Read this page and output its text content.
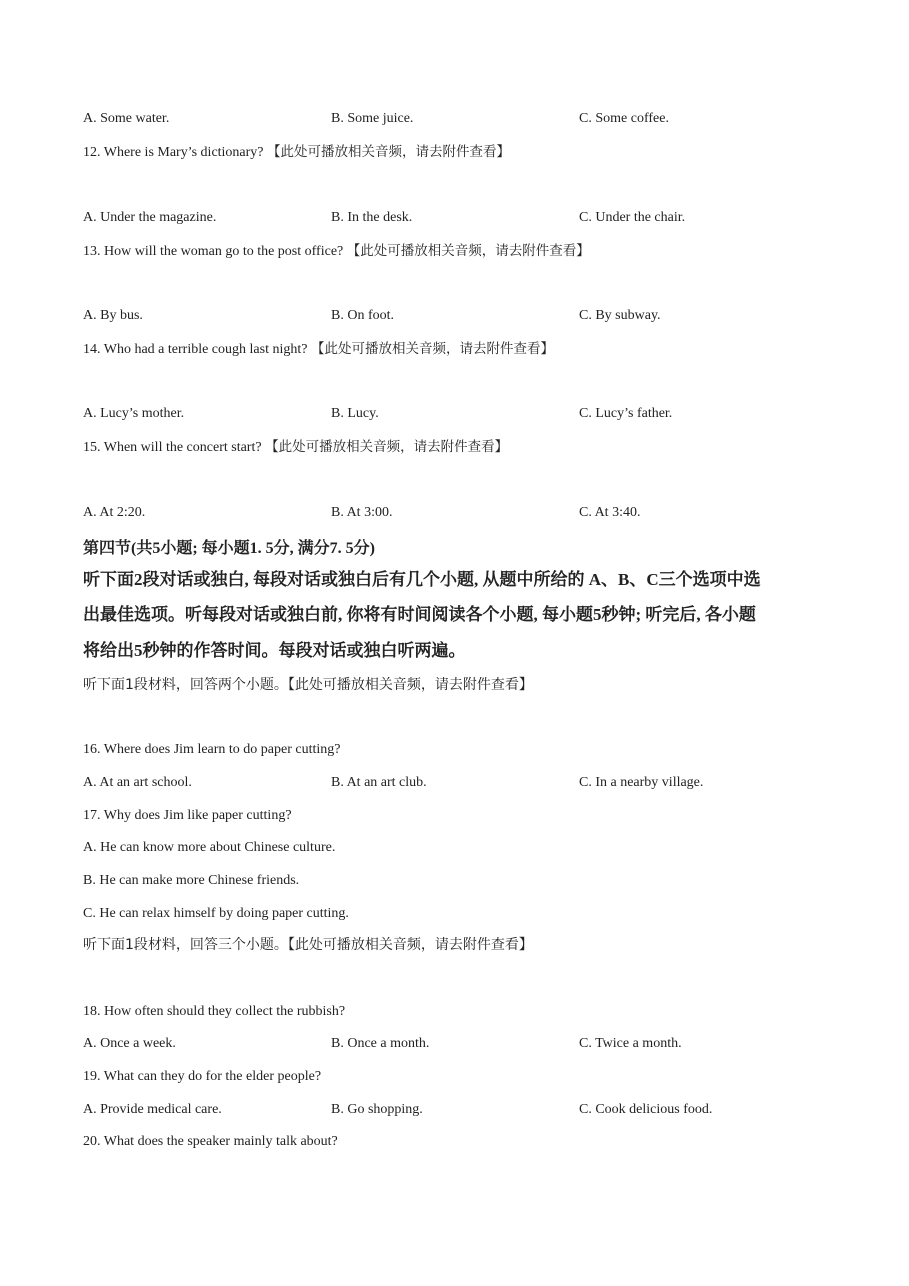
A. Some water.	B. Some juice.	C. Some coffee.
12. Where is Mary’s dictionary? 【此处可播放相关音频，请去附件查看】
A. Under the magazine.	B. In the desk.	C. Under the chair.
13. How will the woman go to the post office? 【此处可播放相关音频，请去附件查看】
A. By bus.	B. On foot.	C. By subway.
14. Who had a terrible cough last night? 【此处可播放相关音频，请去附件查看】
A. Lucy’s mother.	B. Lucy.	C. Lucy’s father.
15. When will the concert start? 【此处可播放相关音频，请去附件查看】
A. At 2:20.	B. At 3:00.	C. At 3:40.
第四节(共5小题; 每小题1. 5分, 满分7. 5分)
听下面2段对话或独白, 每段对话或独白后有几个小题, 从题中所给的 A、B、C三个选项中选
出最佳选项。听每段对话或独白前, 你将有时间阅读各个小题, 每小题5秒钟; 听完后, 各小题
将给出5秒钟的作答时间。每段对话或独白听两遍。
听下面1段材料，回答两个小题。【此处可播放相关音频，请去附件查看】
16. Where does Jim learn to do paper cutting?
A. At an art school.	B. At an art club.	C. In a nearby village.
17. Why does Jim like paper cutting?
A. He can know more about Chinese culture.
B. He can make more Chinese friends.
C. He can relax himself by doing paper cutting.
听下面1段材料，回答三个小题。【此处可播放相关音频，请去附件查看】
18. How often should they collect the rubbish?
A. Once a week.	B. Once a month.	C. Twice a month.
19. What can they do for the elder people?
A. Provide medical care.	B. Go shopping.	C. Cook delicious food.
20. What does the speaker mainly talk about?
